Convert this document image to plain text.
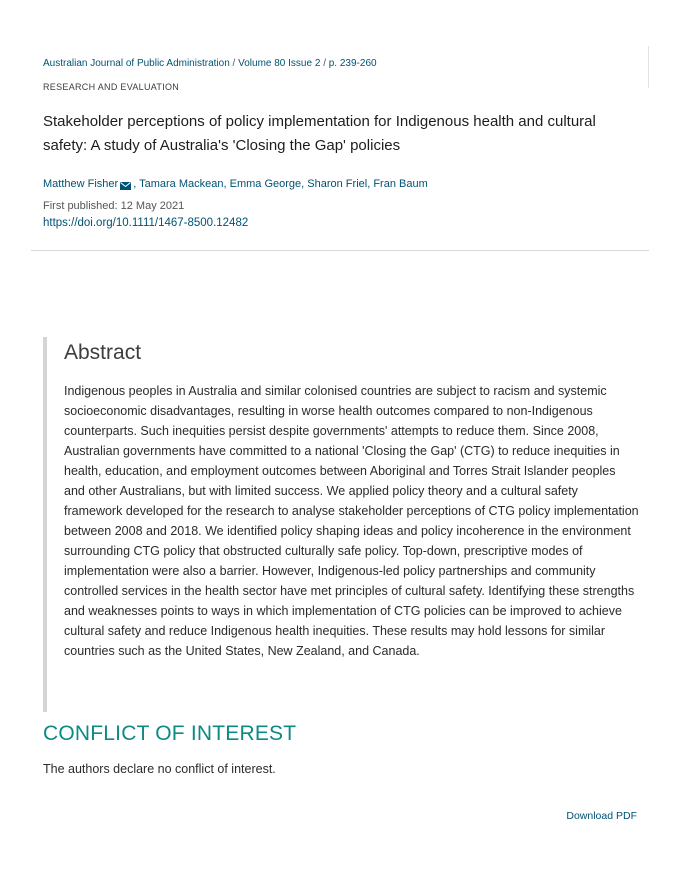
Australian Journal of Public Administration / Volume 80 Issue 2 / p. 239-260
RESEARCH AND EVALUATION
Stakeholder perceptions of policy implementation for Indigenous health and cultural safety: A study of Australia's 'Closing the Gap' policies
Matthew Fisher , Tamara Mackean, Emma George, Sharon Friel, Fran Baum
First published: 12 May 2021
https://doi.org/10.1111/1467-8500.12482
Abstract

Indigenous peoples in Australia and similar colonised countries are subject to racism and systemic socioeconomic disadvantages, resulting in worse health outcomes compared to non-Indigenous counterparts. Such inequities persist despite governments' attempts to reduce them. Since 2008, Australian governments have committed to a national 'Closing the Gap' (CTG) to reduce inequities in health, education, and employment outcomes between Aboriginal and Torres Strait Islander peoples and other Australians, but with limited success. We applied policy theory and a cultural safety framework developed for the research to analyse stakeholder perceptions of CTG policy implementation between 2008 and 2018. We identified policy shaping ideas and policy incoherence in the environment surrounding CTG policy that obstructed culturally safe policy. Top-down, prescriptive modes of implementation were also a barrier. However, Indigenous-led policy partnerships and community controlled services in the health sector have met principles of cultural safety. Identifying these strengths and weaknesses points to ways in which implementation of CTG policies can be improved to achieve cultural safety and reduce Indigenous health inequities. These results may hold lessons for similar countries such as the United States, New Zealand, and Canada.

CONFLICT OF INTEREST
The authors declare no conflict of interest.
Download PDF
